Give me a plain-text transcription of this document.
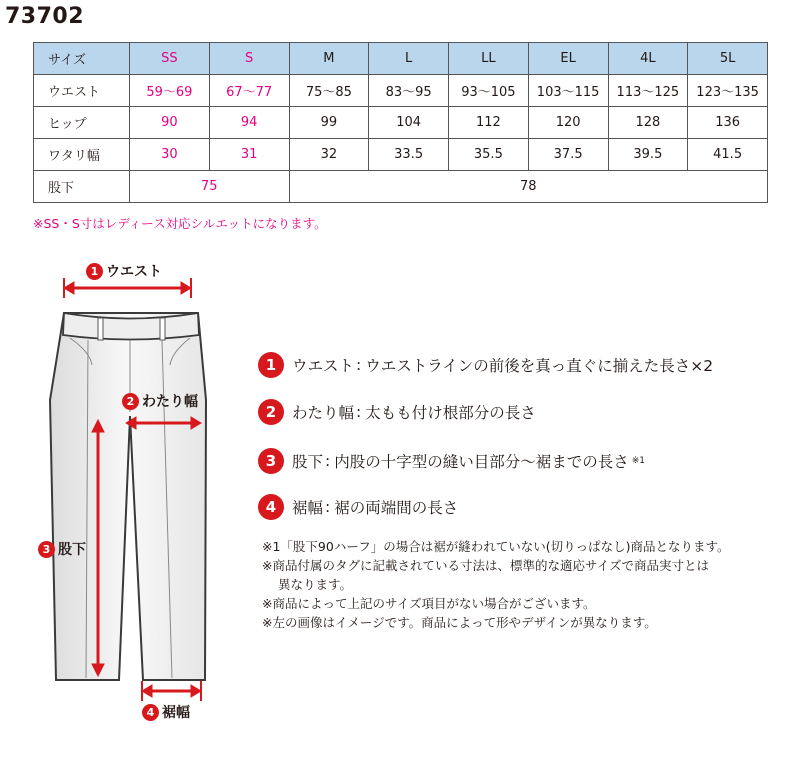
73702
サイズ	SS	S	M	L	LL	EL	4L	5L
ウエスト	59〜69	67〜77	75〜85	83〜95	93〜105	103〜115	113〜125	123〜135
ヒップ	90	94	99	104	112	120	128	136
ワタリ幅	30	31	32	33.5	35.5	37.5	39.5	41.5
股下	75		78					
※SS・S寸はレディース対応シルエットになります。
1 ウエスト
2 わたり幅
3 股下
4 裾幅
1	ウエスト : ウエストラインの前後を真っ直ぐに揃えた長さ×2
2	わたり幅 : 太もも付け根部分の長さ
3	股下 : 内股の十字型の縫い目部分〜裾までの長さ ※1
4	裾幅 : 裾の両端間の長さ
※1「股下90ハーフ」の場合は裾が縫われていない(切りっぱなし)商品となります。
※商品付属のタグに記載されている寸法は、標準的な適応サイズで商品実寸とは
異なります。
※商品によって上記のサイズ項目がない場合がございます。
※左の画像はイメージです。商品によって形やデザインが異なります。
